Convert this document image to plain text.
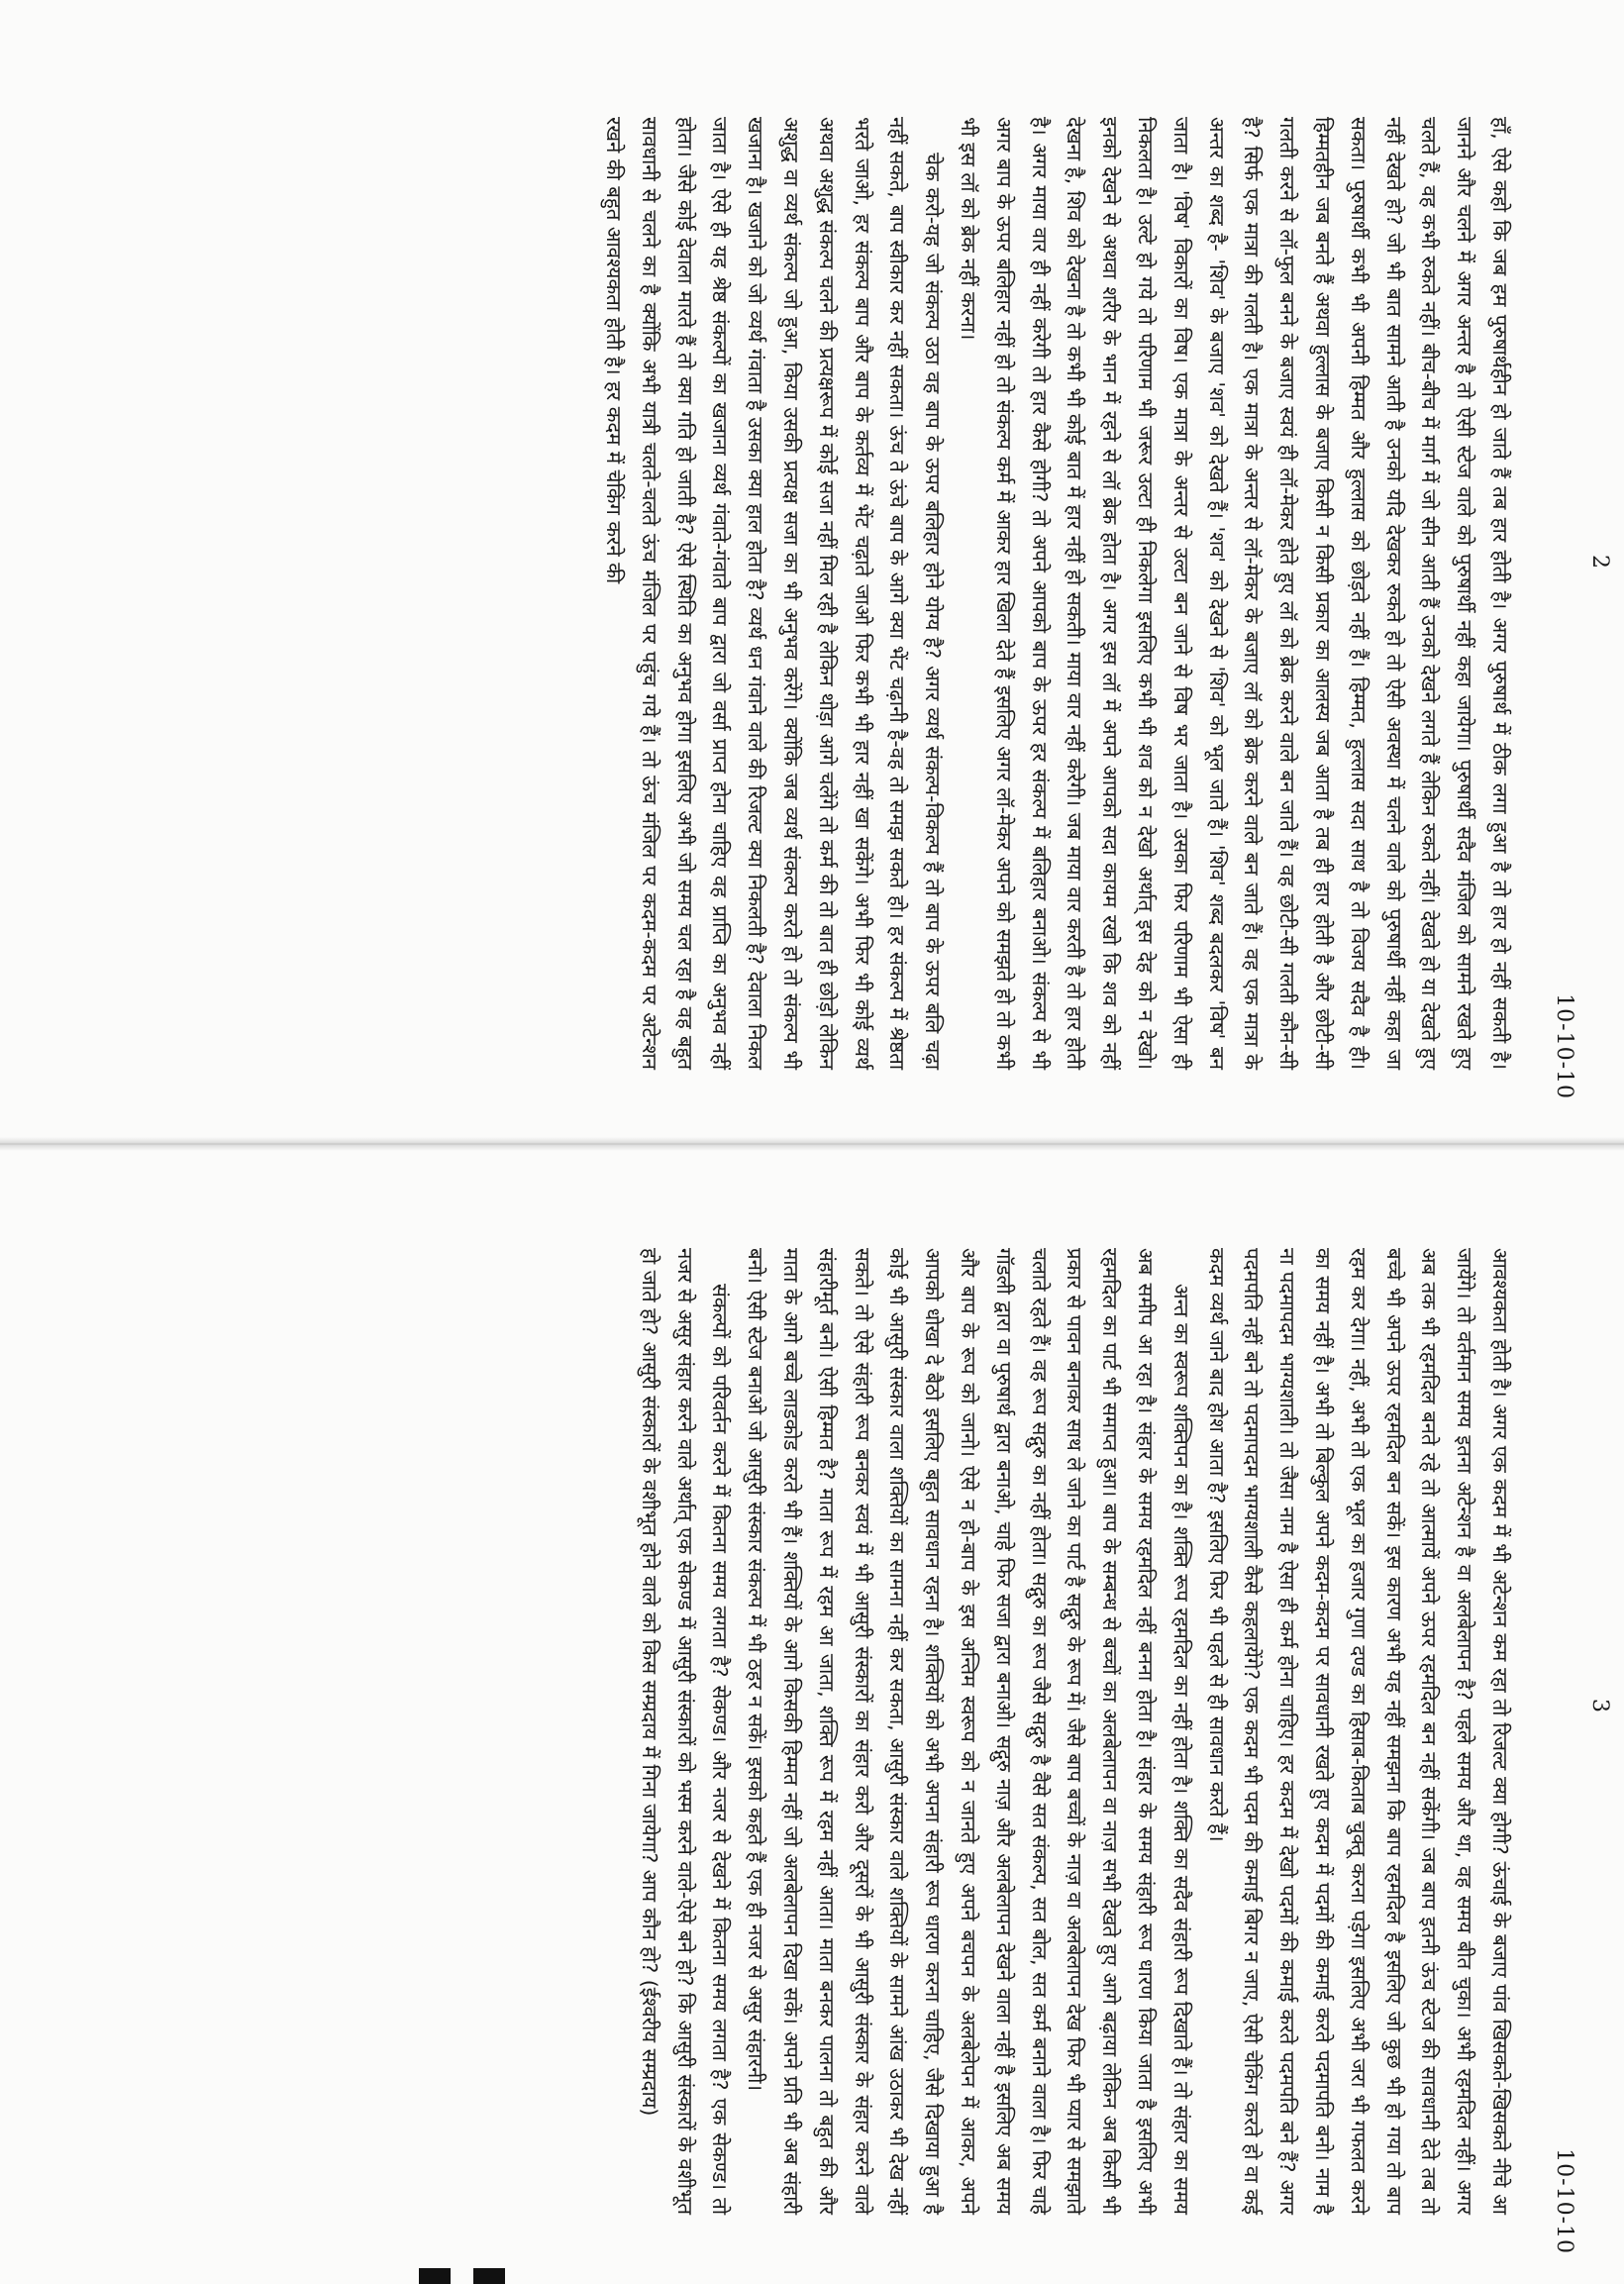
2
10-10-10

हाँ, ऐसे कहो कि जब हम पुरुषार्थहीन हो जाते हैं तब हार होती है। अगर पुरुषार्थ में ठीक लगा हुआ है तो हार हो नहीं सकती है। जानने और चलने में अगर अन्तर है तो ऐसी स्टेज वाले को पुरुषार्थी नहीं कहा जायेगा। पुरुषार्थी सदैव मंजिल को सामने रखते हुए चलते हैं, वह कभी रुकते नहीं। बीच-बीच में मार्ग में जो सीन आती हैं उनको देखने लगते हैं लेकिन रुकते नहीं। देखते हो या देखते हुए नहीं देखते हो? जो भी बात सामने आती है उनको यदि देखकर रुकते हो तो ऐसी अवस्था में चलने वाले को पुरुषार्थी नहीं कहा जा सकता। पुरुषार्थी कभी भी अपनी हिम्मत और हुल्लास को छोड़ते नहीं हैं। हिम्मत, हुल्लास सदा साथ है तो विजय सदैव है ही। हिम्मतहीन जब बनते हैं अथवा हुल्लास के बजाए किसी न किसी प्रकार का आलस्य जब आता है तब ही हार होती है और छोटी-सी गलती करने से लॉ-फुल बनने के बजाए स्वयं ही लॉ-मेकर होते हुए लॉ को ब्रेक करने वाले बन जाते हैं। वह छोटी-सी गलती कौन-सी है? सिर्फ एक मात्रा की गलती है। एक मात्रा के अन्तर से लॉ-मेकर के बजाए लॉ को ब्रेक करने वाले बन जाते हैं। वह एक मात्रा के अन्तर का शब्द है- 'शिव' के बजाए 'शव' को देखते हैं। 'शव' को देखने से 'शिव' को भूल जाते हैं। 'शिव' शब्द बदलकर 'विष' बन जाता है। 'विष' विकारों का विष। एक मात्रा के अन्तर से उल्टा बन जाने से विष भर जाता है। उसका फिर परिणाम भी ऐसा ही निकलता है। उल्टे हो गये तो परिणाम भी जरूर उल्टा ही निकलेगा इसलिए कभी भी शव को न देखो अर्थात् इस देह को न देखो। इनको देखने से अथवा शरीर के भान में रहने से लॉ ब्रेक होता है। अगर इस लॉ में अपने आपको सदा कायम रखो कि शव को नहीं देखना है, शिव को देखना है तो कभी भी कोई बात में हार नहीं हो सकती। माया वार नहीं करेगी। जब माया वार करती है तो हार होती है। अगर माया वार ही नहीं करेगी तो हार कैसे होगी? तो अपने आपको बाप के ऊपर हर संकल्प में बलिहार बनाओ। संकल्प से भी अगर बाप के ऊपर बलिहार नहीं हो तो संकल्प कर्म में आकर हार खिला देते हैं इसलिए अगर लॉ-मेकर अपने को समझते हो तो कभी भी इस लॉ को ब्रेक नहीं करना।

चेक करो-यह जो संकल्प उठा वह बाप के ऊपर बलिहार होने योग्य है? अगर व्यर्थ संकल्प-विकल्प हैं तो बाप के ऊपर बलि चढ़ा नहीं सकते, बाप स्वीकार कर नहीं सकता। ऊंच ते ऊंचे बाप के आगे क्या भेंट चढ़ानी है-वह तो समझ सकते हो। हर संकल्प में श्रेष्ठता भरते जाओ, हर संकल्प बाप और बाप के कर्तव्य में भेंट चढ़ाते जाओ फिर कभी भी हार नहीं खा सकेंगे। अभी फिर भी कोई व्यर्थ अथवा अशुद्ध संकल्प चलने की प्रत्यक्षरूप में कोई सजा नहीं मिल रही है लेकिन थोड़ा आगे चलेंगे तो कर्म की तो बात ही छोड़ो लेकिन अशुद्ध वा व्यर्थ संकल्प जो हुआ, किया उसकी प्रत्यक्ष सजा का भी अनुभव करेंगे। क्योंकि जब व्यर्थ संकल्प करते हो तो संकल्प भी खजाना है। खजाने को जो व्यर्थ गंवाता है उसका क्या हाल होता है? व्यर्थ धन गंवाने वाले की रिजल्ट क्या निकलती है? देवाला निकल जाता है। ऐसे ही यह श्रेष्ठ संकल्पों का खजाना व्यर्थ गंवाते-गंवाते बाप द्वारा जो वर्सा प्राप्त होना चाहिए वह प्राप्ति का अनुभव नहीं होता। जैसे कोई देवाला मारते हैं तो क्या गति हो जाती है? ऐसे स्थिति का अनुभव होगा इसलिए अभी जो समय चल रहा है वह बहुत सावधानी से चलने का है क्योंकि अभी यात्री चलते-चलते ऊंच मंजिल पर पहुंच गये हैं। तो ऊंच मंजिल पर कदम-कदम पर अटेन्शन रखने की बहुत आवश्यकता होती है। हर कदम में चेकिंग करने की

3
10-10-10

आवश्यकता होती है। अगर एक कदम में भी अटेन्शन कम रहा तो रिजल्ट क्या होगी? ऊंचाई के बजाए पांव खिसकते-खिसकते नीचे आ जायेंगे। तो वर्तमान समय इतना अटेन्शन है वा अलबेलापन है? पहले समय और था, वह समय बीत चुका। अभी रहमदिल नहीं। अगर अब तक भी रहमदिल बनते रहे तो आत्मायें अपने ऊपर रहमदिल बन नहीं सकेंगी। जब बाप इतनी ऊंच स्टेज की सावधानी देते तब तो बच्चे भी अपने ऊपर रहमदिल बन सकें। इस कारण अभी यह नहीं समझना कि बाप रहमदिल है इसलिए जो कुछ भी हो गया तो बाप रहम कर देगा। नहीं, अभी तो एक भूल का हजार गुणा दण्ड का हिसाब-किताब चुक्तू करना पड़ेगा इसलिए अभी जरा भी गफलत करने का समय नहीं है। अभी तो बिल्कुल अपने कदम-कदम पर सावधानी रखते हुए कदम में पदमों की कमाई करते पदमापति बनो। नाम है ना पदमापदम भाग्यशाली। तो जैसा नाम है ऐसा ही कर्म होना चाहिए। हर कदम में देखो पदमों की कमाई करते पदमपति बने हैं? अगर पदमपति नहीं बने तो पदमापदम भाग्यशाली कैसे कहलायेंगे? एक कदम भी पदम की कमाई बिगर न जाए, ऐसी चेकिंग करते हो वा कई कदम व्यर्थ जाने बाद होश आता है? इसलिए फिर भी पहले से ही सावधान करते हैं।

अन्त का स्वरूप शक्तिपन का है। शक्ति रूप रहमदिल का नहीं होता है। शक्ति का सदैव संहारी रूप दिखाते हैं। तो संहार का समय अब समीप आ रहा है। संहार के समय रहमदिल नहीं बनना होता है। संहार के समय संहारी रूप धारण किया जाता है इसलिए अभी रहमदिल का पार्ट भी समाप्त हुआ। बाप के सम्बन्ध से बच्चों का अलबेलापन वा नाज़ सभी देखते हुए आगे बढ़ाया लेकिन अब किसी भी प्रकार से पावन बनाकर साथ ले जाने का पार्ट है सद्गुरु के रूप में। जैसे बाप बच्चों के नाज़ वा अलबेलापन देख फिर भी प्यार से समझाते चलाते रहते हैं। वह रूप सद्गुरु का नहीं होता। सद्गुरु का रूप जैसे सद्गुरु है वैसे सत संकल्प, सत बोल, सत कर्म बनाने वाला है। फिर चाहे गॉडली द्वारा वा पुरुषार्थ द्वारा बनाओ, चाहे फिर सजा द्वारा बनाओ। सद्गुरु नाज़ और अलबेलापन देखने वाला नहीं है इसलिए अब समय और बाप के रूप को जानो। ऐसे न हो-बाप के इस अन्तिम स्वरूप को न जानते हुए अपने बचपन के अलबेलेपन में आकर, अपने आपको धोखा दे बैठो इसलिए बहुत सावधान रहना है। शक्तियों को अभी अपना संहारी रूप धारण करना चाहिए, जैसे दिखाया हुआ है कोई भी आसुरी संस्कार वाला शक्तियों का सामना नहीं कर सकता, आसुरी संस्कार वाले शक्तियों के सामने आंख उठाकर भी देख नहीं सकते। तो ऐसे संहारी रूप बनकर स्वयं में भी आसुरी संस्कारों का संहार करो और दूसरों के भी आसुरी संस्कार के संहार करने वाले संहारीमूर्त बनो। ऐसी हिम्मत है? माता रूप में रहम आ जाता, शक्ति रूप में रहम नहीं आता। माता बनकर पालना तो बहुत की और माता के आगे बच्चे लाडकोड करते भी हैं। शक्तियों के आगे किसकी हिम्मत नहीं जो अलबेलापन दिखा सकें। अपने प्रति भी अब संहारी बनो। ऐसी स्टेज बनाओ जो आसुरी संस्कार संकल्प में भी ठहर न सकें। इसको कहते हैं एक ही नजर से असुर संहारनी।

संकल्पों को परिवर्तन करने में कितना समय लगता है? सेकण्ड। और नजर से देखने में कितना समय लगता है? एक सेकण्ड। तो नजर से असुर संहार करने वाले अर्थात् एक सेकण्ड में आसुरी संस्कारों को भस्म करने वाले-ऐसे बने हो? कि आसुरी संस्कारों के वशीभूत हो जाते हो? आसुरी संस्कारों के वशीभूत होने वाले को किस सम्प्रदाय में गिना जायेगा? आप कौन हो? (ईश्वरीय सम्प्रदाय)
